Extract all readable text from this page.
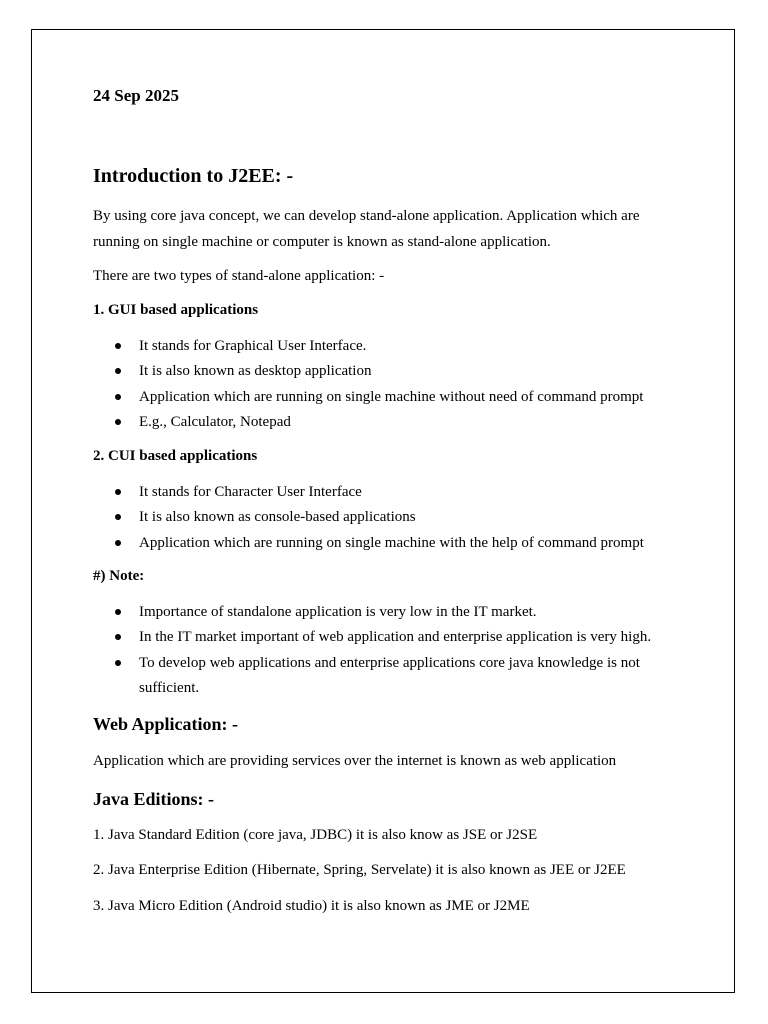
24 Sep 2025

Introduction to J2EE: -

By using core java concept, we can develop stand-alone application. Application which are running on single machine or computer is known as stand-alone application.

There are two types of stand-alone application: -

1. GUI based applications

It stands for Graphical User Interface.
It is also known as desktop application
Application which are running on single machine without need of command prompt
E.g., Calculator, Notepad

2. CUI based applications

It stands for Character User Interface
It is also known as console-based applications
Application which are running on single machine with the help of command prompt

#) Note:

Importance of standalone application is very low in the IT market.
In the IT market important of web application and enterprise application is very high.
To develop web applications and enterprise applications core java knowledge is not sufficient.

Web Application: -

Application which are providing services over the internet is known as web application

Java Editions: -

1. Java Standard Edition (core java, JDBC) it is also know as JSE or J2SE

2. Java Enterprise Edition (Hibernate, Spring, Servelate) it is also known as JEE or J2EE

3. Java Micro Edition (Android studio) it is also known as JME or J2ME
